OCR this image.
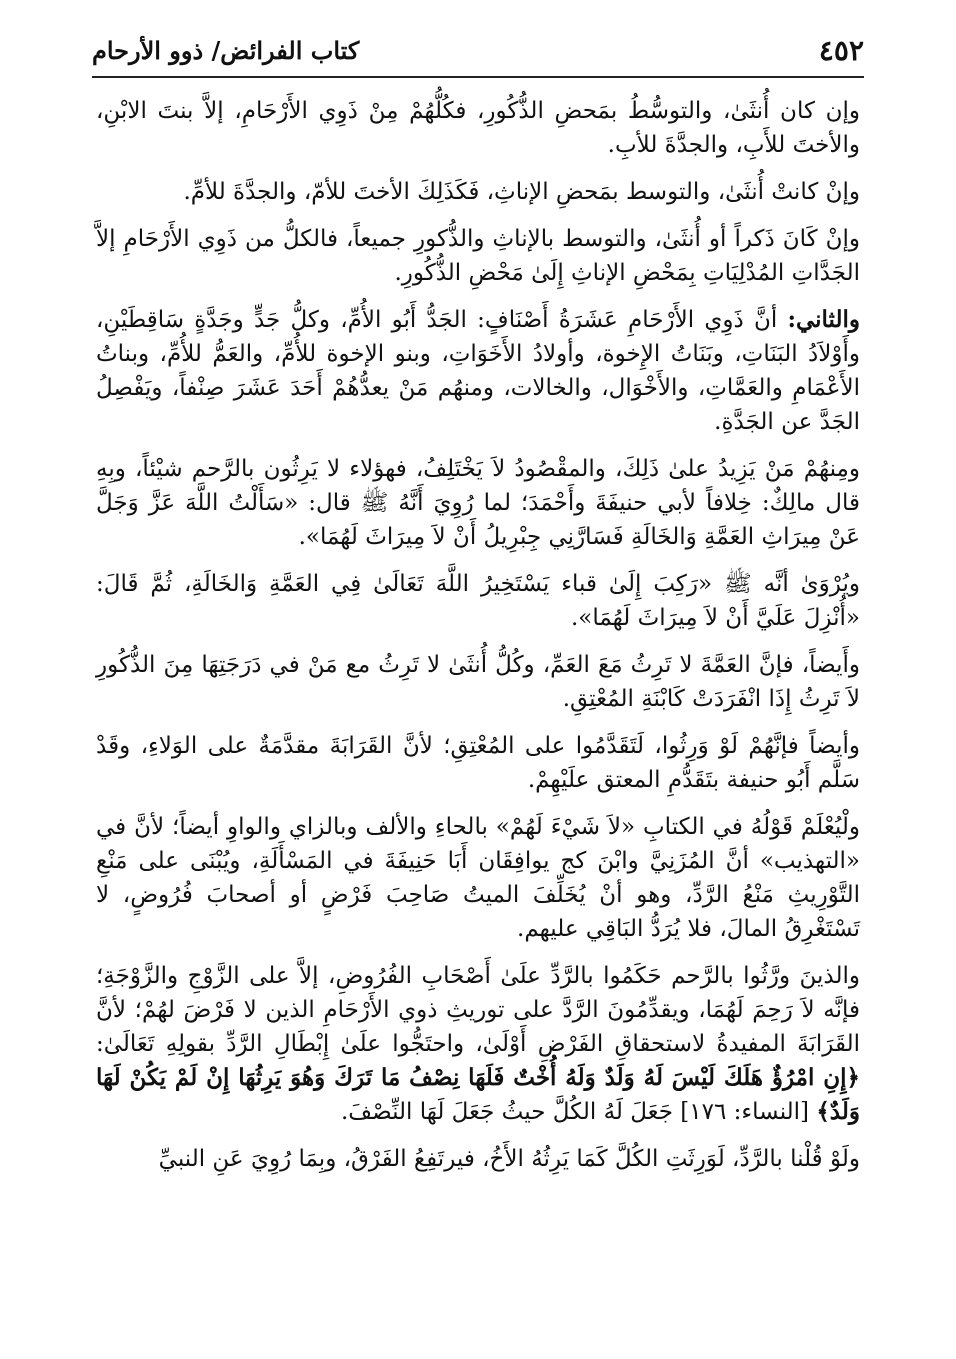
٤٥٢
كتاب الفرائض/ ذوو الأرحام

وإن كان أُنثَىٰ، والتوسُّطُ بمَحضِ الذُّكُورِ، فكُلُّهُمْ مِنْ ذَوِي الأَرْحَامِ، إلاَّ بنتَ الابْنِ، والأختَ للأَبِ، والجدَّةَ للأبِ.

وإنْ كانتْ أُنثَىٰ، والتوسط بمَحضِ الإناثِ، فَكَذَلِكَ الأختَ للأمّ، والجدَّةَ للأمِّ.

وإنْ كَانَ ذَكراً أو أُنثَىٰ، والتوسط بالإناثِ والذُّكورِ جميعاً، فالكلُّ من ذَوِي الأَرْحَامِ إلاَّ الجَدَّاتِ المُدْلِيَاتِ بِمَحْضِ الإناثِ إِلَىٰ مَحْضِ الذُّكُورِ.

والثاني: أنَّ ذَوِي الأَرْحَامِ عَشَرَةُ أَصْنَافٍ: الجَدُّ أَبُو الأُمِّ، وكلُّ جَدٍّ وجَدَّةٍ سَاقِطَيْنِ، وأَوْلاَدُ البَنَاتِ، وبَنَاتُ الإِخوة، وأولادُ الأَخَوَاتِ، وبنو الإخوة للأُمِّ، والعَمُّ للأُمِّ، وبناتُ الأَعْمَامِ والعَمَّاتِ، والأَخْوَال، والخالات، ومنهُم مَنْ يعدُّهُمْ أَحَدَ عَشَرَ صِنْفاً، ويَفْصِلُ الجَدَّ عن الجَدَّةِ.

ومِنهُمْ مَنْ يَزِيدُ علىٰ ذَلِكَ، والمقْصُودُ لاَ يَخْتَلِفُ، فهؤلاء لا يَرِثُون بالرَّحم شيْئاً، وبِهِ قال مالِكٌ: خِلافاً لأبي حنيفَةَ وأَحْمَدَ؛ لما رُوِيَ أَنَّهُ ﷺ قال: «سَأَلْتُ اللَّهَ عَزَّ وَجَلَّ عَنْ مِيرَاثِ العَمَّةِ وَالخَالَةِ فَسَارَّنِي جِبْرِيلُ أَنْ لاَ مِيرَاثَ لَهُمَا».

ويُرْوَىٰ أنَّه ﷺ «رَكِبَ إِلَىٰ قباء يَسْتَخِيرُ اللَّهَ تَعَالَىٰ فِي العَمَّةِ وَالخَالَةِ، ثُمَّ قَالَ: «أُنْزِلَ عَلَيَّ أَنْ لاَ مِيرَاثَ لَهُمَا».

وأَيضاً، فإنَّ العَمَّةَ لا تَرِثُ مَعَ العَمِّ، وكُلُّ أُنثَىٰ لا تَرِثُ مع مَنْ في دَرَجَتِهَا مِنَ الذُّكُورِ لاَ تَرِثُ إِذَا انْفَرَدَتْ كَابْنَةِ المُعْتِقِ.

وأيضاً فإنَّهُمْ لَوْ وَرِثُوا، لَتَقَدَّمُوا على المُعْتِقِ؛ لأنَّ القَرَابَةَ مقدَّمَةٌ على الوَلاءِ، وقَدْ سَلَّم أَبُو حنيفة بتَقَدُّمِ المعتق علَيْهِمْ.

ولْيُعْلَمْ قَوْلُهُ في الكتابِ «لاَ شَيْءَ لَهُمْ» بالحاءِ والألف وبالزاي والواوِ أيضاً؛ لأنَّ في «التهذيب» أنَّ المُزَنِيَّ وابْنَ كج يوافِقَان أَبَا حَنِيفَةَ في المَسْأَلَةِ، ويُبْنَى على مَنْعِ التَّوْرِيثِ مَنْعُ الرَّدِّ، وهو أنْ يُخَلِّفَ الميتُ صَاحِبَ فَرْضٍ أو أصحابَ فُرُوضٍ، لا تَسْتَغْرِقُ المالَ، فلا يُرَدُّ البَاقِي عليهم.

والذينَ ورَّثُوا بالرَّحم حَكَمُوا بالرَّدِّ علَىٰ أَصْحَابِ الفُرُوضِ، إلاَّ على الزَّوْجِ والزَّوْجَةِ؛ فإنَّه لاَ رَحِمَ لَهُمَا، ويقدِّمُونَ الرَّدَّ على توريثِ ذوي الأَرْحَامِ الذين لا فَرْضَ لهُمْ؛ لأنَّ القَرَابَةَ المفيدةُ لاستحقاقِ الفَرْضِ أَوْلَىٰ، واحتَجُّوا علَىٰ إِبْطَالِ الرَّدِّ بقولِهِ تَعَالَىٰ: ﴿إِنِ امْرُؤٌ هَلَكَ لَيْسَ لَهُ وَلَدٌ وَلَهُ أُخْتٌ فَلَهَا نِصْفُ مَا تَرَكَ وَهُوَ يَرِثُهَا إِنْ لَمْ يَكُنْ لَهَا وَلَدٌ﴾ [النساء: ١٧٦] جَعَلَ لَهُ الكُلَّ حيثُ جَعَلَ لَهَا النِّصْفَ.

ولَوْ قُلْنا بالرَّدِّ، لَوَرِثَتِ الكُلَّ كَمَا يَرِثُهُ الأَخُ، فيرتَفِعُ الفَرْقُ، وبِمَا رُوِيَ عَنِ النبيِّ
